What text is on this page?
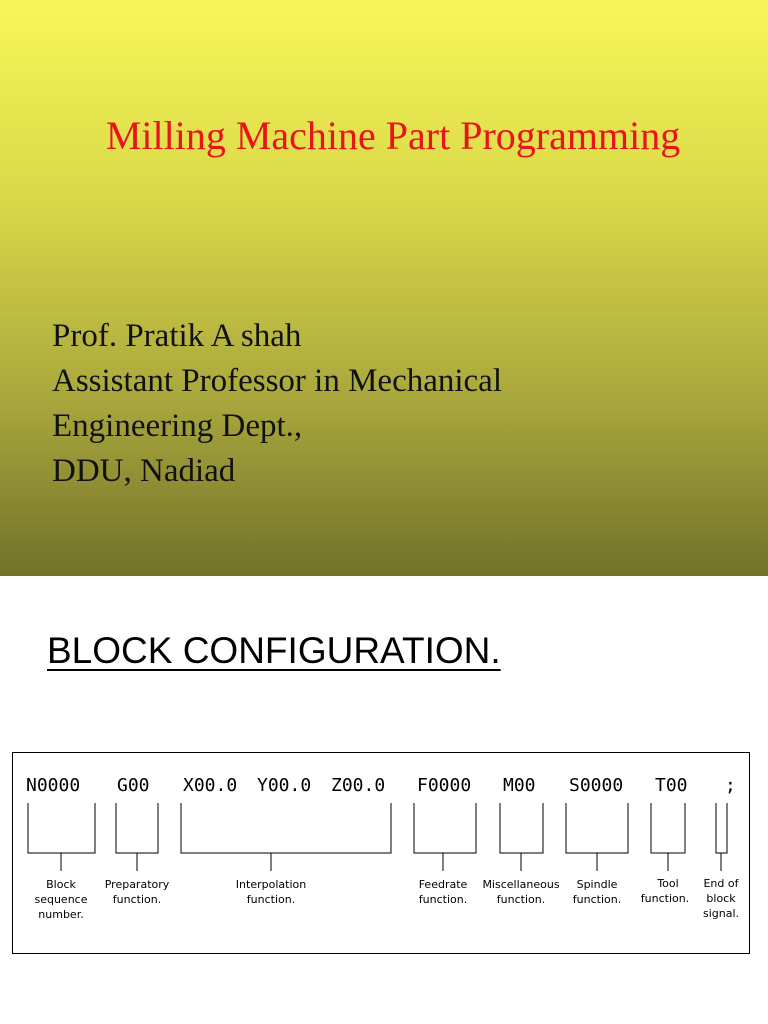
Milling Machine Part Programming
Prof. Pratik A shah
Assistant Professor in Mechanical
Engineering Dept.,
DDU, Nadiad
BLOCK CONFIGURATION.
N0000 G00 X00.0 Y00.0 Z00.0 F0000 M00 S0000 T00 ;
Block
sequence
number.
Preparatory
function.
Interpolation
function.
Feedrate
function.
Miscellaneous
function.
Spindle
function.
Tool
function.
End of
block
signal.
